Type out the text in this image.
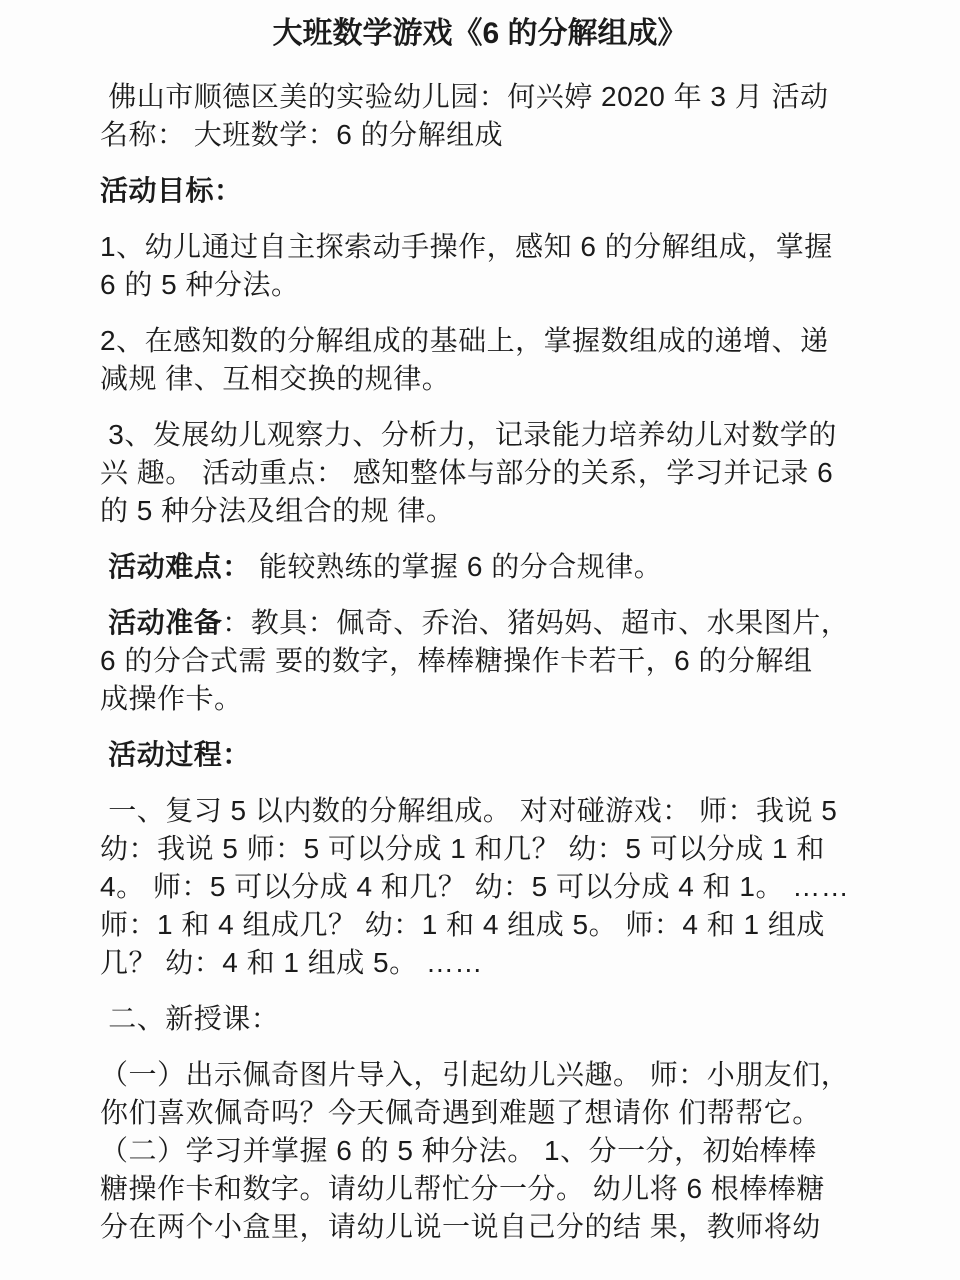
大班数学游戏《6 的分解组成》
佛山市顺德区美的实验幼儿园：何兴婷 2020 年 3 月 活动
名称： 大班数学：6 的分解组成
活动目标：
1、幼儿通过自主探索动手操作，感知 6 的分解组成，掌握
6 的 5 种分法。
2、在感知数的分解组成的基础上，掌握数组成的递增、递
减规 律、互相交换的规律。
3、发展幼儿观察力、分析力，记录能力培养幼儿对数学的
兴 趣。 活动重点： 感知整体与部分的关系，学习并记录 6
的 5 种分法及组合的规 律。
活动难点： 能较熟练的掌握 6 的分合规律。
活动准备：教具：佩奇、乔治、猪妈妈、超市、水果图片，
6 的分合式需 要的数字，棒棒糖操作卡若干，6 的分解组
成操作卡。
活动过程：
一、复习 5 以内数的分解组成。 对对碰游戏： 师：我说 5
幼：我说 5 师：5 可以分成 1 和几？ 幼：5 可以分成 1 和
4。 师：5 可以分成 4 和几？ 幼：5 可以分成 4 和 1。 ……
师：1 和 4 组成几？ 幼：1 和 4 组成 5。 师：4 和 1 组成
几？ 幼：4 和 1 组成 5。 ……
二、新授课：
（一）出示佩奇图片导入，引起幼儿兴趣。 师：小朋友们，
你们喜欢佩奇吗？今天佩奇遇到难题了想请你 们帮帮它。
（二）学习并掌握 6 的 5 种分法。 1、分一分，初始棒棒
糖操作卡和数字。请幼儿帮忙分一分。 幼儿将 6 根棒棒糖
分在两个小盒里，请幼儿说一说自己分的结 果，教师将幼
